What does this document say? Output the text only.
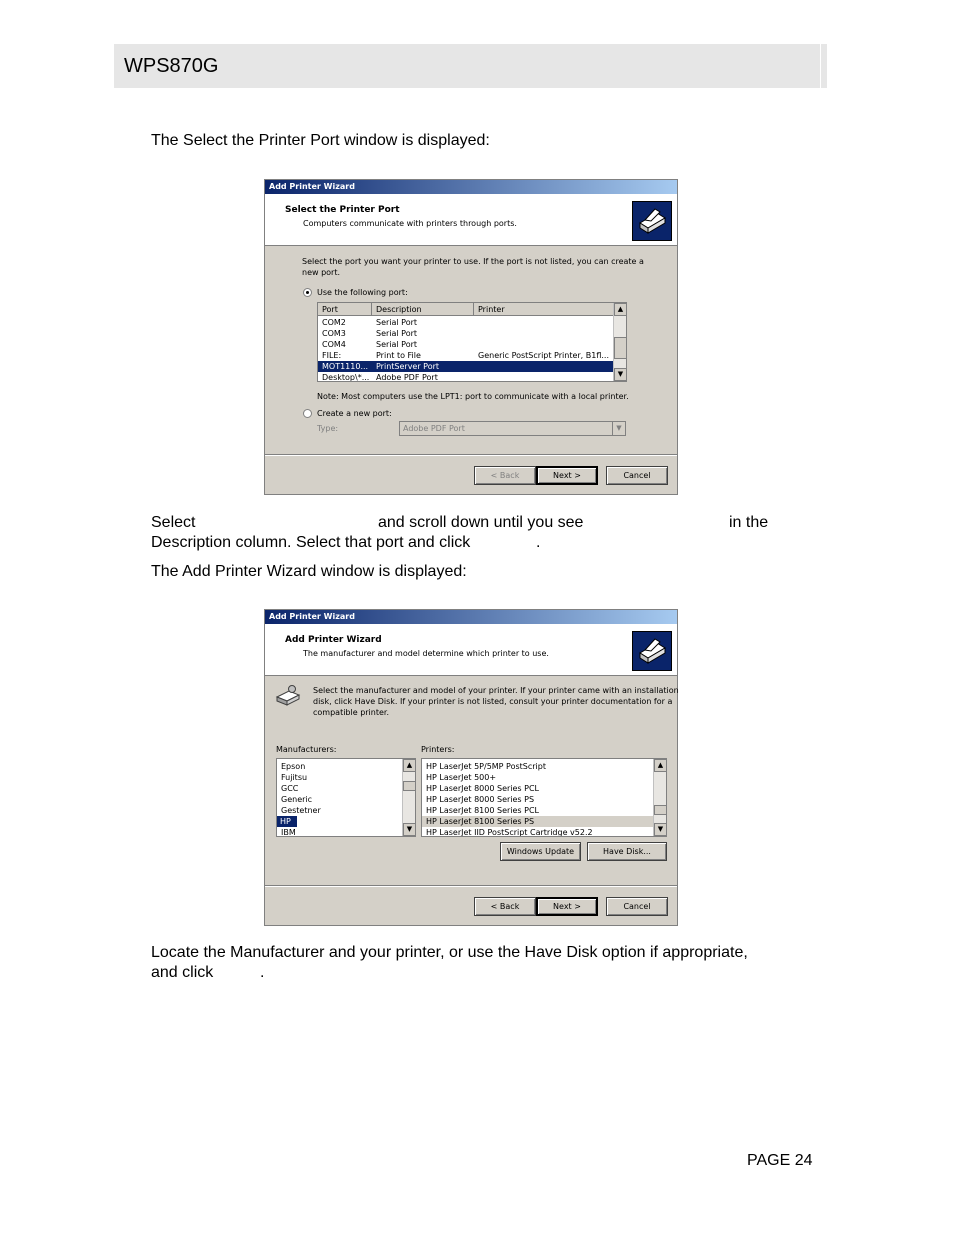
WPS870G
The Select the Printer Port window is displayed:
Add Printer Wizard
Select the Printer Port
Computers communicate with printers through ports.
Select the port you want your printer to use. If the port is not listed, you can create a
new port.
Use the following port:
Port	Description	Printer
COM2	Serial Port
COM3	Serial Port
COM4	Serial Port
FILE:	Print to File	Generic PostScript Printer, B1fl...
MOT1110... PrintServer Port
Desktop\*... Adobe PDF Port
▲
▼
Note: Most computers use the LPT1: port to communicate with a local printer.
Create a new port:
Type:	Adobe PDF Port	▼
< Back	Next >	Cancel
Select	and scroll down until you see	in the
Description column. Select that port and click	.
The Add Printer Wizard window is displayed:
Add Printer Wizard
Add Printer Wizard
The manufacturer and model determine which printer to use.
Select the manufacturer and model of your printer. If your printer came with an installation
disk, click Have Disk. If your printer is not listed, consult your printer documentation for a
compatible printer.
Manufacturers:	Printers:
Epson
Fujitsu
GCC
Generic
Gestetner
HP
IBM
▲
▼
HP LaserJet 5P/5MP PostScript
HP LaserJet 500+
HP LaserJet 8000 Series PCL
HP LaserJet 8000 Series PS
HP LaserJet 8100 Series PCL
HP LaserJet 8100 Series PS
HP LaserJet IID PostScript Cartridge v52.2
▲
▼
Windows Update	Have Disk...
< Back	Next >	Cancel
Locate the Manufacturer and your printer, or use the Have Disk option if appropriate,
and click	.
PAGE 24
